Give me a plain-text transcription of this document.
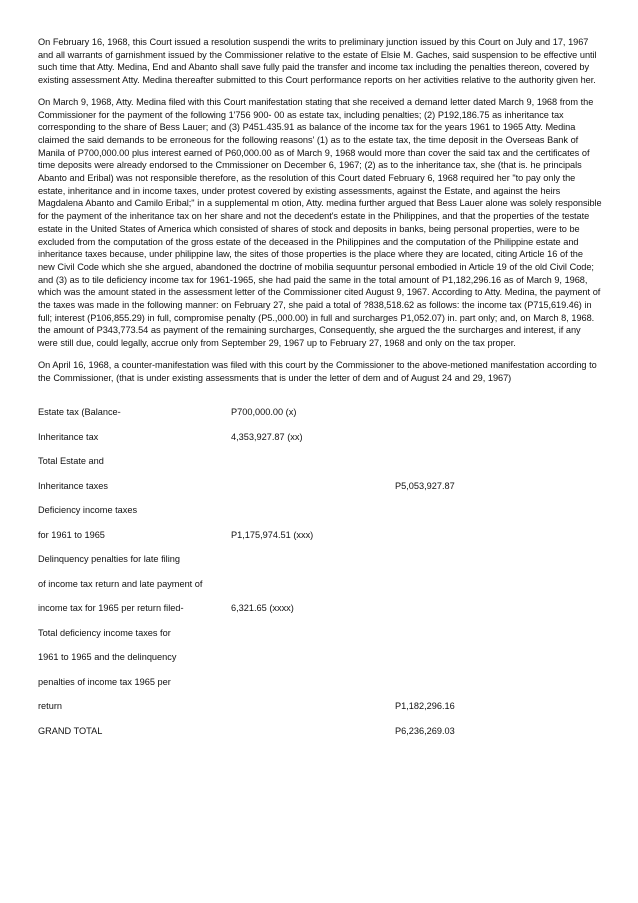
On February 16, 1968, this Court issued a resolution suspendi the writs to preliminary junction issued by this Court on July and 17, 1967 and all warrants of garnishment issued by the Commissioner relative to the estate of Elsie M. Gaches, said suspension to be effective until such time that Atty. Medina, End and Abanto shall save fully paid the transfer and income tax including the penalties thereon, covered by existing assessment Atty. Medina thereafter submitted to this Court performance reports on her activities relative to the authority given her.

On March 9, 1968, Atty. Medina filed with this Court manifestation stating that she received a demand letter dated March 9, 1968 from the Commissioner for the payment of the following 1'756 900- 00 as estate tax, including penalties; (2) P192,186.75 as inheritance tax corresponding to the share of Bess Lauer; and (3) P451.435.91 as balance of the income tax for the years 1961 to 1965 Atty. Medina claimed the said demands to be erroneous for the following reasons' (1) as to the estate tax, the time deposit in the Overseas Bank of Manila of P700,000.00 plus interest earned of P60,000.00 as of March 9, 1968 would more than cover the said tax and the certificates of time deposits were already endorsed to the Cmmissioner on December 6, 1967; (2) as to the inheritance tax, she (that is. he principals Abanto and Eribal) was not responsible therefore, as the resolution of this Court dated February 6, 1968 required her "to pay only the estate, inheritance and in income taxes, under protest covered by existing assessments, against the Estate, and against the heirs Magdalena Abanto and Camilo Eribal;" in a supplemental m otion, Atty. medina further argued that Bess Lauer alone was solely responsible for the payment of the inheritance tax on her share and not the decedent's estate in the Philippines, and that the properties of the testate estate in the United States of America which consisted of shares of stock and deposits in banks, being personal properties, were to be excluded from the computation of the gross estate of the deceased in the Philippines and the computation of the Philippine estate and inheritance taxes because, under philippine law, the sites of those properties is the place where they are located, citing Article 16 of the new Civil Code which she she argued, abandoned the doctrine of mobilia sequuntur personal embodied in Article 19 of the old Civil Code; and (3) as to tile deficiency income tax for 1961-1965, she had paid the same in the total amount of P1,182,296.16 as of March 9, 1968, which was the amount stated in the assessment letter of the Commissioner cited August 9, 1967. According to Atty. Medina, the payment of the taxes was made in the following manner: on February 27, she paid a total of ?838,518.62 as follows: the income tax (P715,619.46) in full; interest (P106,855.29) in full, compromise penalty (P5.,000.00) in full and surcharges P1,052.07) in. part only; and, on March 8, 1968. the amount of P343,773.54 as payment of the remaining surcharges, Consequently, she argued the the surcharges and interest, if any were still due, could legally, accrue only from September 29, 1967 up to February 27, 1968 and only on the tax proper.

On April 16, 1968, a counter-manifestation was filed with this court by the Commissioner to the above-metioned manifestation according to the Commissioner, (that is under existing assessments that is under the letter of dem and of August 24 and 29, 1967)

Estate tax (Balance-	P700,000.00 (x)
Inheritance tax	4,353,927.87 (xx)
Total Estate and
Inheritance taxes	P5,053,927.87
Deficiency income taxes
for 1961 to 1965	P1,175,974.51 (xxx)
Delinquency penalties for late filing
of income tax return and late payment of
income tax for 1965 per return filed-	6,321.65 (xxxx)
Total deficiency income taxes for
1961 to 1965 and the delinquency
penalties of income tax 1965 per
return	P1,182,296.16
GRAND TOTAL	P6,236,269.03
